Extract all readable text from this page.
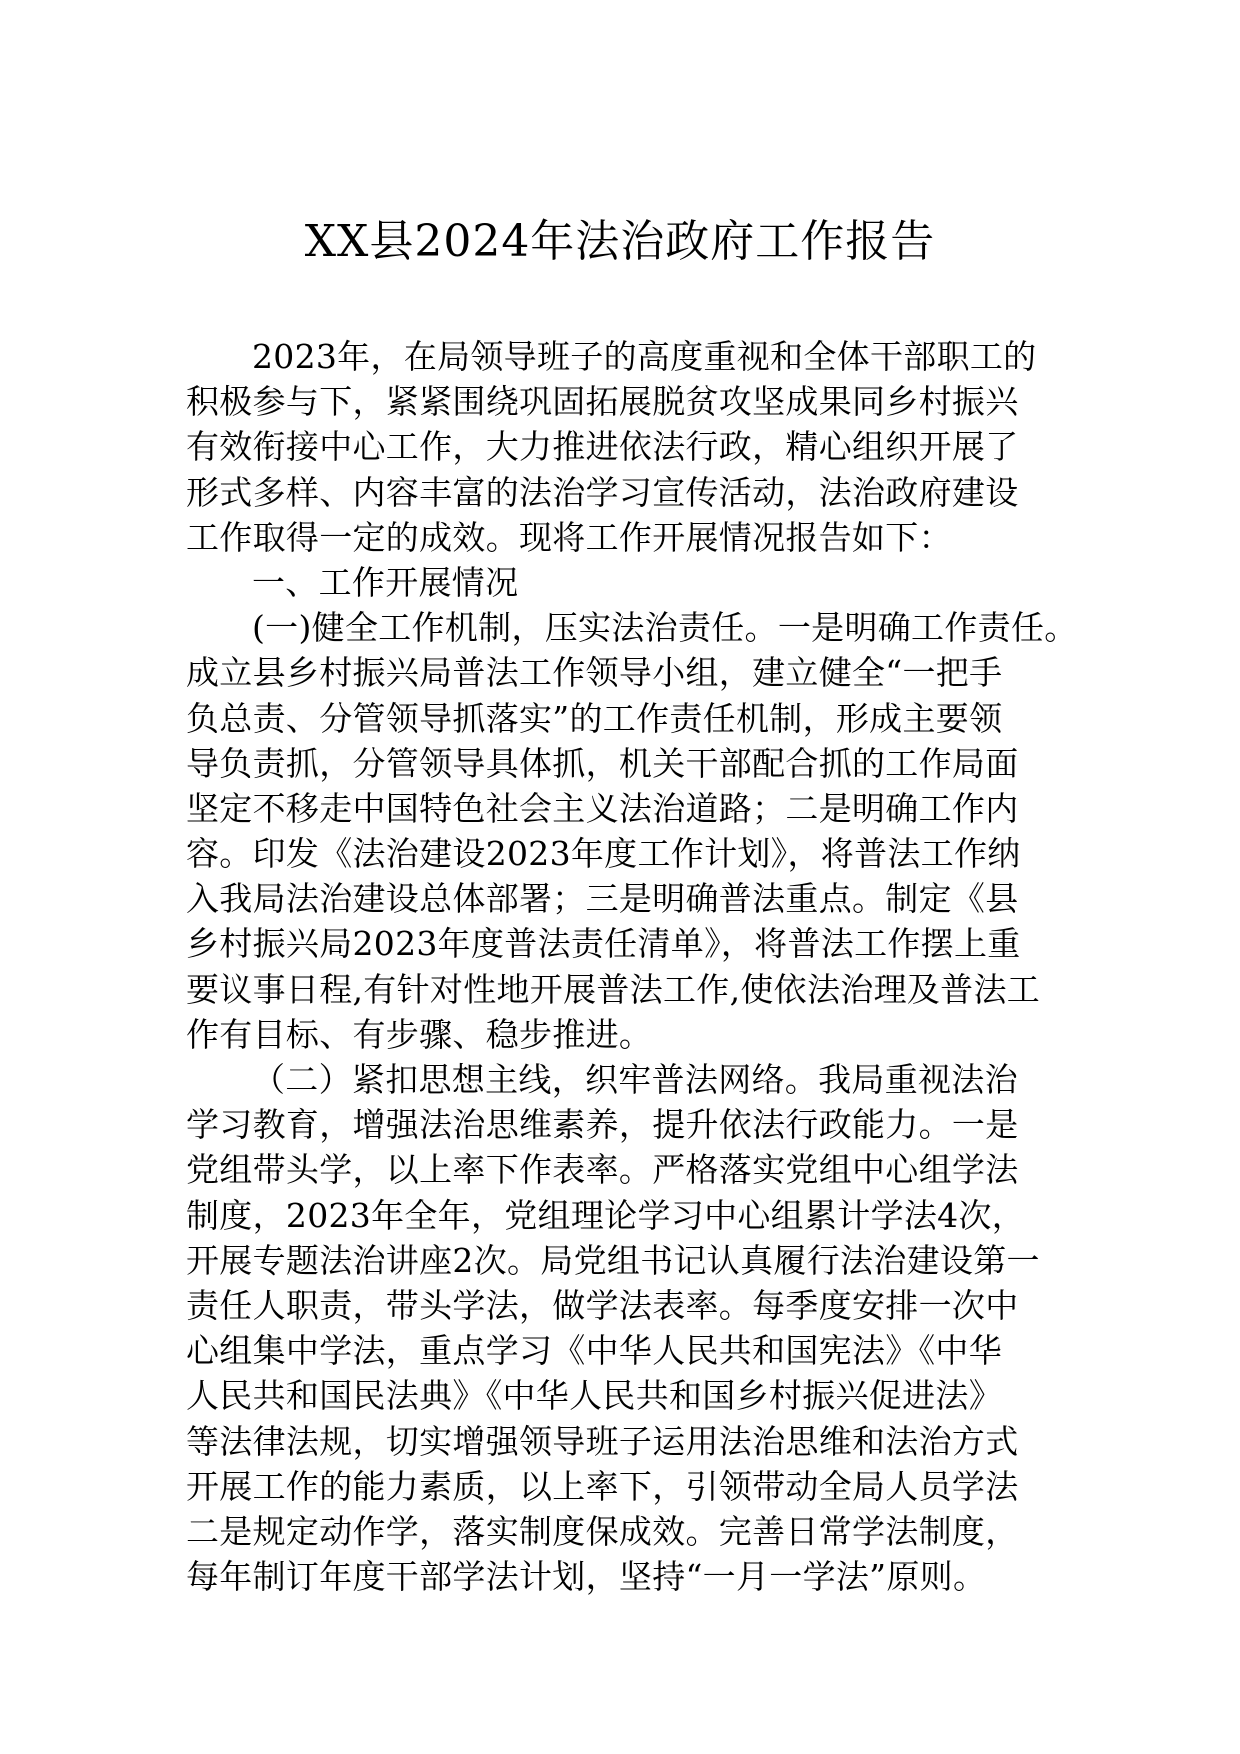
XX县2024年法治政府工作报告
2023年，在局领导班子的高度重视和全体干部职工的
积极参与下，紧紧围绕巩固拓展脱贫攻坚成果同乡村振兴
有效衔接中心工作，大力推进依法行政，精心组织开展了
形式多样、内容丰富的法治学习宣传活动，法治政府建设
工作取得一定的成效。现将工作开展情况报告如下：
一、工作开展情况
(一)健全工作机制，压实法治责任。一是明确工作责任。
成立县乡村振兴局普法工作领导小组，建立健全“一把手
负总责、分管领导抓落实”的工作责任机制，形成主要领
导负责抓，分管领导具体抓，机关干部配合抓的工作局面
坚定不移走中国特色社会主义法治道路；二是明确工作内
容。印发《法治建设2023年度工作计划》，将普法工作纳
入我局法治建设总体部署；三是明确普法重点。制定《县
乡村振兴局2023年度普法责任清单》，将普法工作摆上重
要议事日程,有针对性地开展普法工作,使依法治理及普法工
作有目标、有步骤、稳步推进。
（二）紧扣思想主线，织牢普法网络。我局重视法治
学习教育，增强法治思维素养，提升依法行政能力。一是
党组带头学，以上率下作表率。严格落实党组中心组学法
制度，2023年全年，党组理论学习中心组累计学法4次，
开展专题法治讲座2次。局党组书记认真履行法治建设第一
责任人职责，带头学法，做学法表率。每季度安排一次中
心组集中学法，重点学习《中华人民共和国宪法》《中华
人民共和国民法典》《中华人民共和国乡村振兴促进法》
等法律法规，切实增强领导班子运用法治思维和法治方式
开展工作的能力素质，以上率下，引领带动全局人员学法
二是规定动作学，落实制度保成效。完善日常学法制度，
每年制订年度干部学法计划，坚持“一月一学法”原则。
